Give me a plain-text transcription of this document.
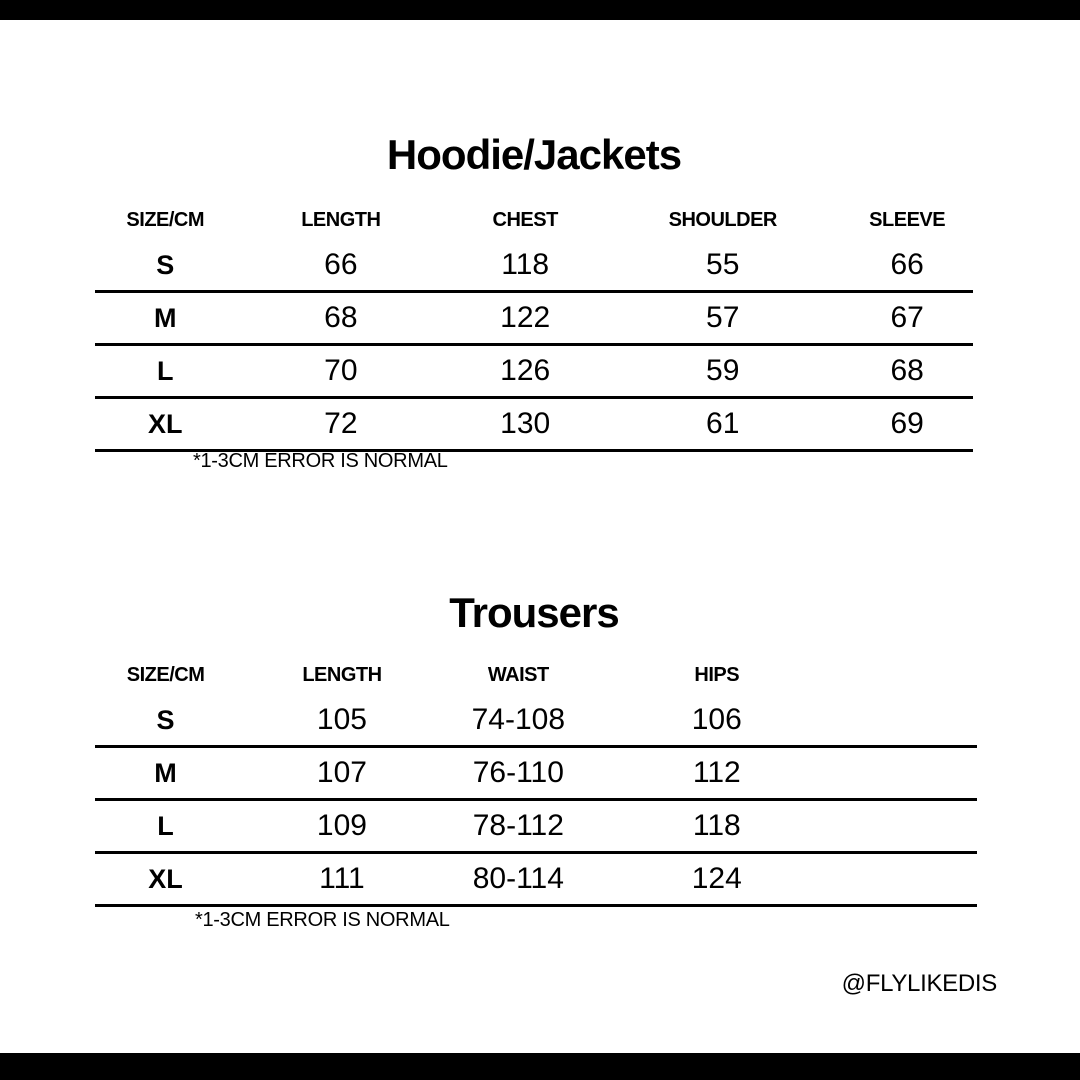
Hoodie/Jackets
SIZE/CM	LENGTH	CHEST	SHOULDER	SLEEVE
S	66	118	55	66
M	68	122	57	67
L	70	126	59	68
XL	72	130	61	69
*1-3CM ERROR IS NORMAL
Trousers
SIZE/CM	LENGTH	WAIST	HIPS	
S	105	74-108	106	
M	107	76-110	112	
L	109	78-112	118	
XL	111	80-114	124	
*1-3CM ERROR IS NORMAL
@FLYLIKEDIS
